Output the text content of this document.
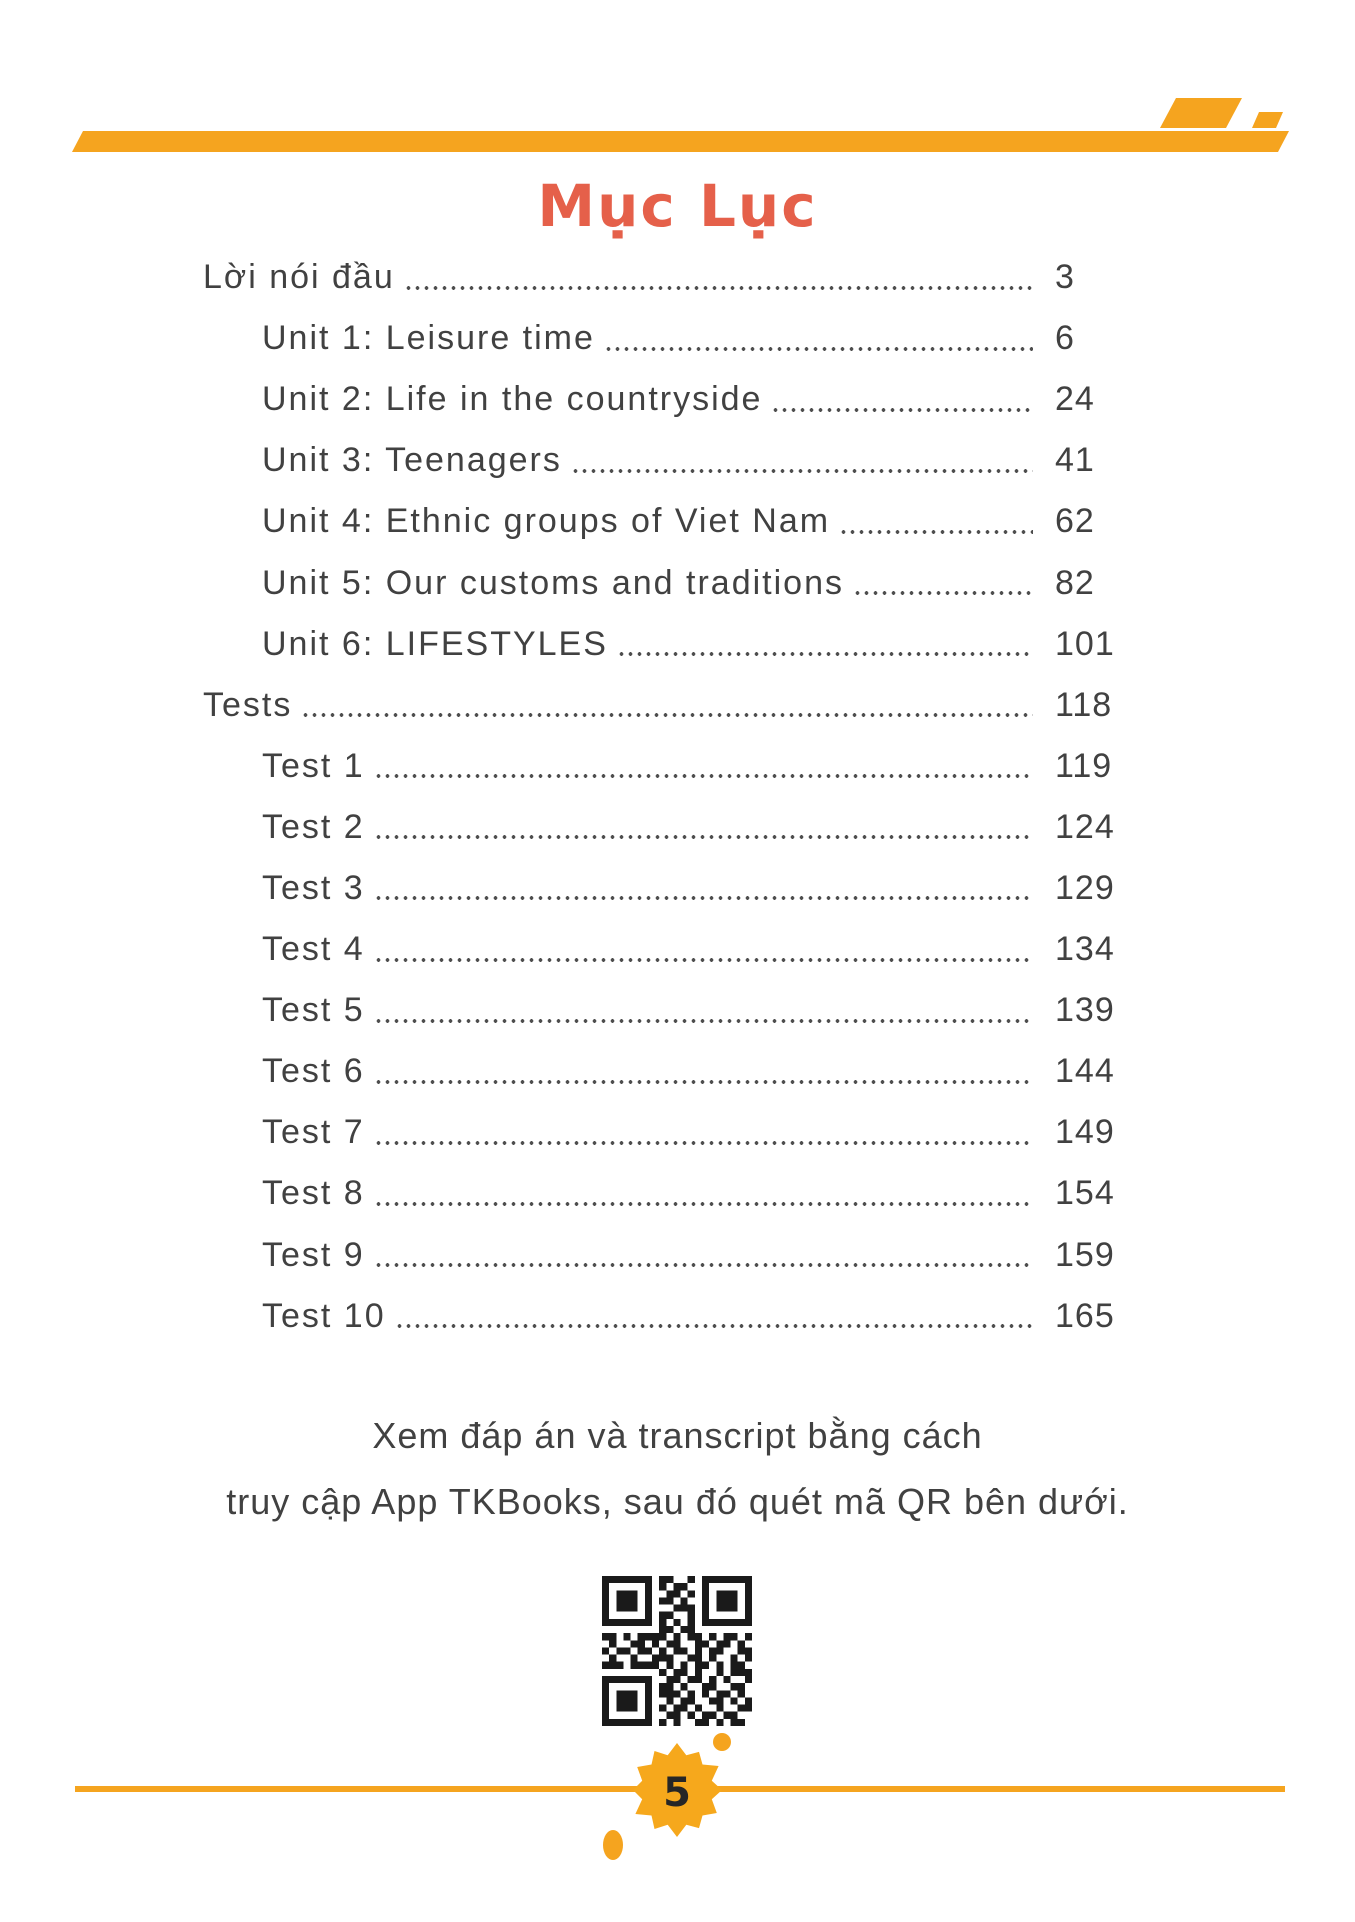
Mục Lục
Lời nói đầu	3
Unit 1: Leisure time	6
Unit 2: Life in the countryside	24
Unit 3: Teenagers	41
Unit 4: Ethnic groups of Viet Nam	62
Unit 5: Our customs and traditions	82
Unit 6: LIFESTYLES	101
Tests	118
Test 1	119
Test 2	124
Test 3	129
Test 4	134
Test 5	139
Test 6	144
Test 7	149
Test 8	154
Test 9	159
Test 10	165
Xem đáp án và transcript bằng cách
truy cập App TKBooks, sau đó quét mã QR bên dưới.
5
